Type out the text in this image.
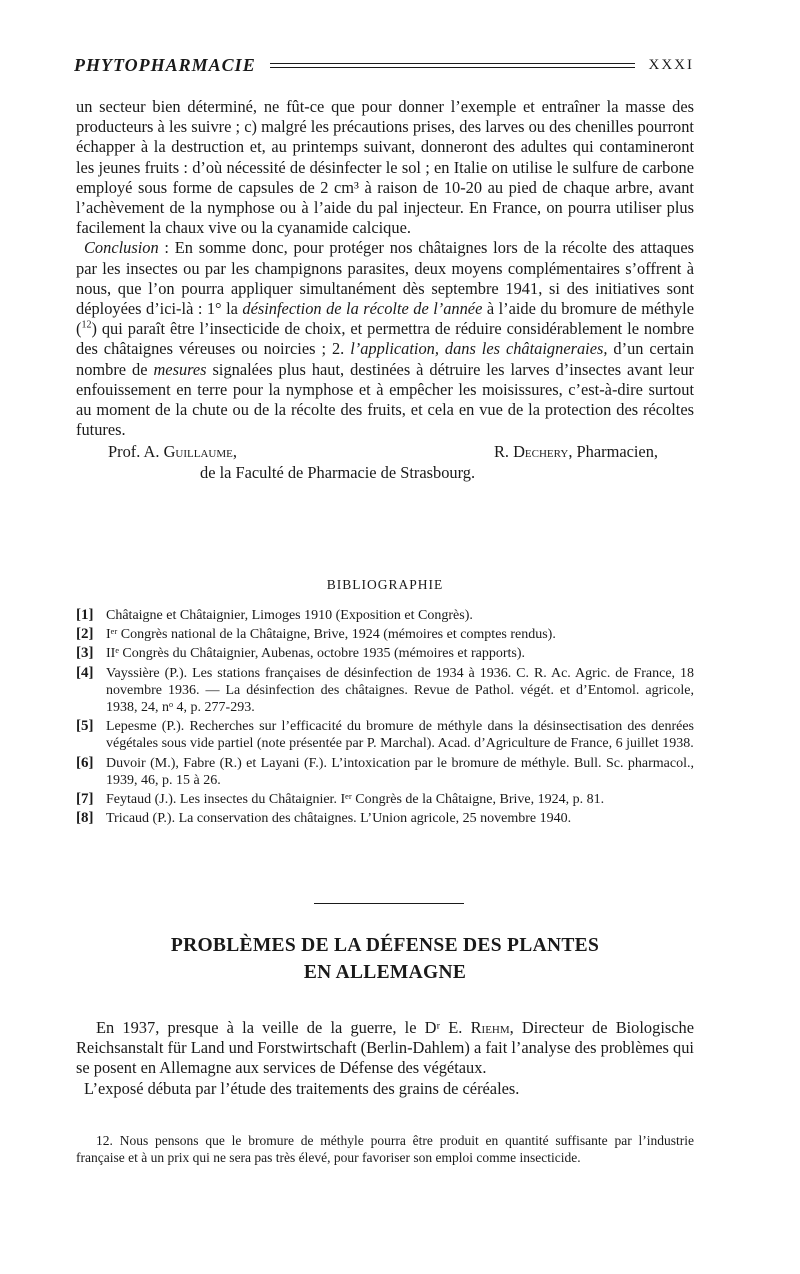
PHYTOPHARMACIE	XXXI

un secteur bien déterminé, ne fût-ce que pour donner l’exemple et entraîner la masse des producteurs à les suivre ; c) malgré les précautions prises, des larves ou des chenilles pourront échapper à la destruction et, au printemps suivant, donneront des adultes qui contamineront les jeunes fruits : d’où nécessité de désinfecter le sol ; en Italie on utilise le sulfure de carbone employé sous forme de capsules de 2 cm³ à raison de 10-20 au pied de chaque arbre, avant l’achèvement de la nymphose ou à l’aide du pal injecteur. En France, on pourra utiliser plus facilement la chaux vive ou la cyanamide calcique.

Conclusion : En somme donc, pour protéger nos châtaignes lors de la récolte des attaques par les insectes ou par les champignons parasites, deux moyens complémentaires s’offrent à nous, que l’on pourra appliquer simultanément dès septembre 1941, si des initiatives sont déployées d’ici-là : 1° la désinfection de la récolte de l’année à l’aide du bromure de méthyle ($^{12}$) qui paraît être l’insecticide de choix, et permettra de réduire considérablement le nombre des châtaignes véreuses ou noircies ; 2. l’application, dans les châtaigneraies, d’un certain nombre de mesures signalées plus haut, destinées à détruire les larves d’insectes avant leur enfouissement en terre pour la nymphose et à empêcher les moisissures, c’est-à-dire surtout au moment de la chute ou de la récolte des fruits, et cela en vue de la protection des récoltes futures.

Prof. A. Guillaume,	R. Dechery, Pharmacien,
de la Faculté de Pharmacie de Strasbourg.
BIBLIOGRAPHIE
[1] Châtaigne et Châtaignier, Limoges 1910 (Exposition et Congrès).
[2] Iᵉʳ Congrès national de la Châtaigne, Brive, 1924 (mémoires et comptes rendus).
[3] IIᵉ Congrès du Châtaignier, Aubenas, octobre 1935 (mémoires et rapports).
[4] Vayssière (P.). Les stations françaises de désinfection de 1934 à 1936. C. R. Ac. Agric. de France, 18 novembre 1936. — La désinfection des châtaignes. Revue de Pathol. végét. et d’Entomol. agricole, 1938, 24, nᵒ 4, p. 277-293.
[5] Lepesme (P.). Recherches sur l’efficacité du bromure de méthyle dans la désinsectisation des denrées végétales sous vide partiel (note présentée par P. Marchal). Acad. d’Agriculture de France, 6 juillet 1938.
[6] Duvoir (M.), Fabre (R.) et Layani (F.). L’intoxication par le bromure de méthyle. Bull. Sc. pharmacol., 1939, 46, p. 15 à 26.
[7] Feytaud (J.). Les insectes du Châtaignier. Iᵉʳ Congrès de la Châtaigne, Brive, 1924, p. 81.
[8] Tricaud (P.). La conservation des châtaignes. L’Union agricole, 25 novembre 1940.
PROBLÈMES DE LA DÉFENSE DES PLANTES
EN ALLEMAGNE

En 1937, presque à la veille de la guerre, le Dʳ E. Riehm, Directeur de Biologische Reichsanstalt für Land und Forstwirtschaft (Berlin-Dahlem) a fait l’analyse des problèmes qui se posent en Allemagne aux services de Défense des végétaux.

L’exposé débuta par l’étude des traitements des grains de céréales.

12. Nous pensons que le bromure de méthyle pourra être produit en quantité suffisante par l’industrie française et à un prix qui ne sera pas très élevé, pour favoriser son emploi comme insecticide.
